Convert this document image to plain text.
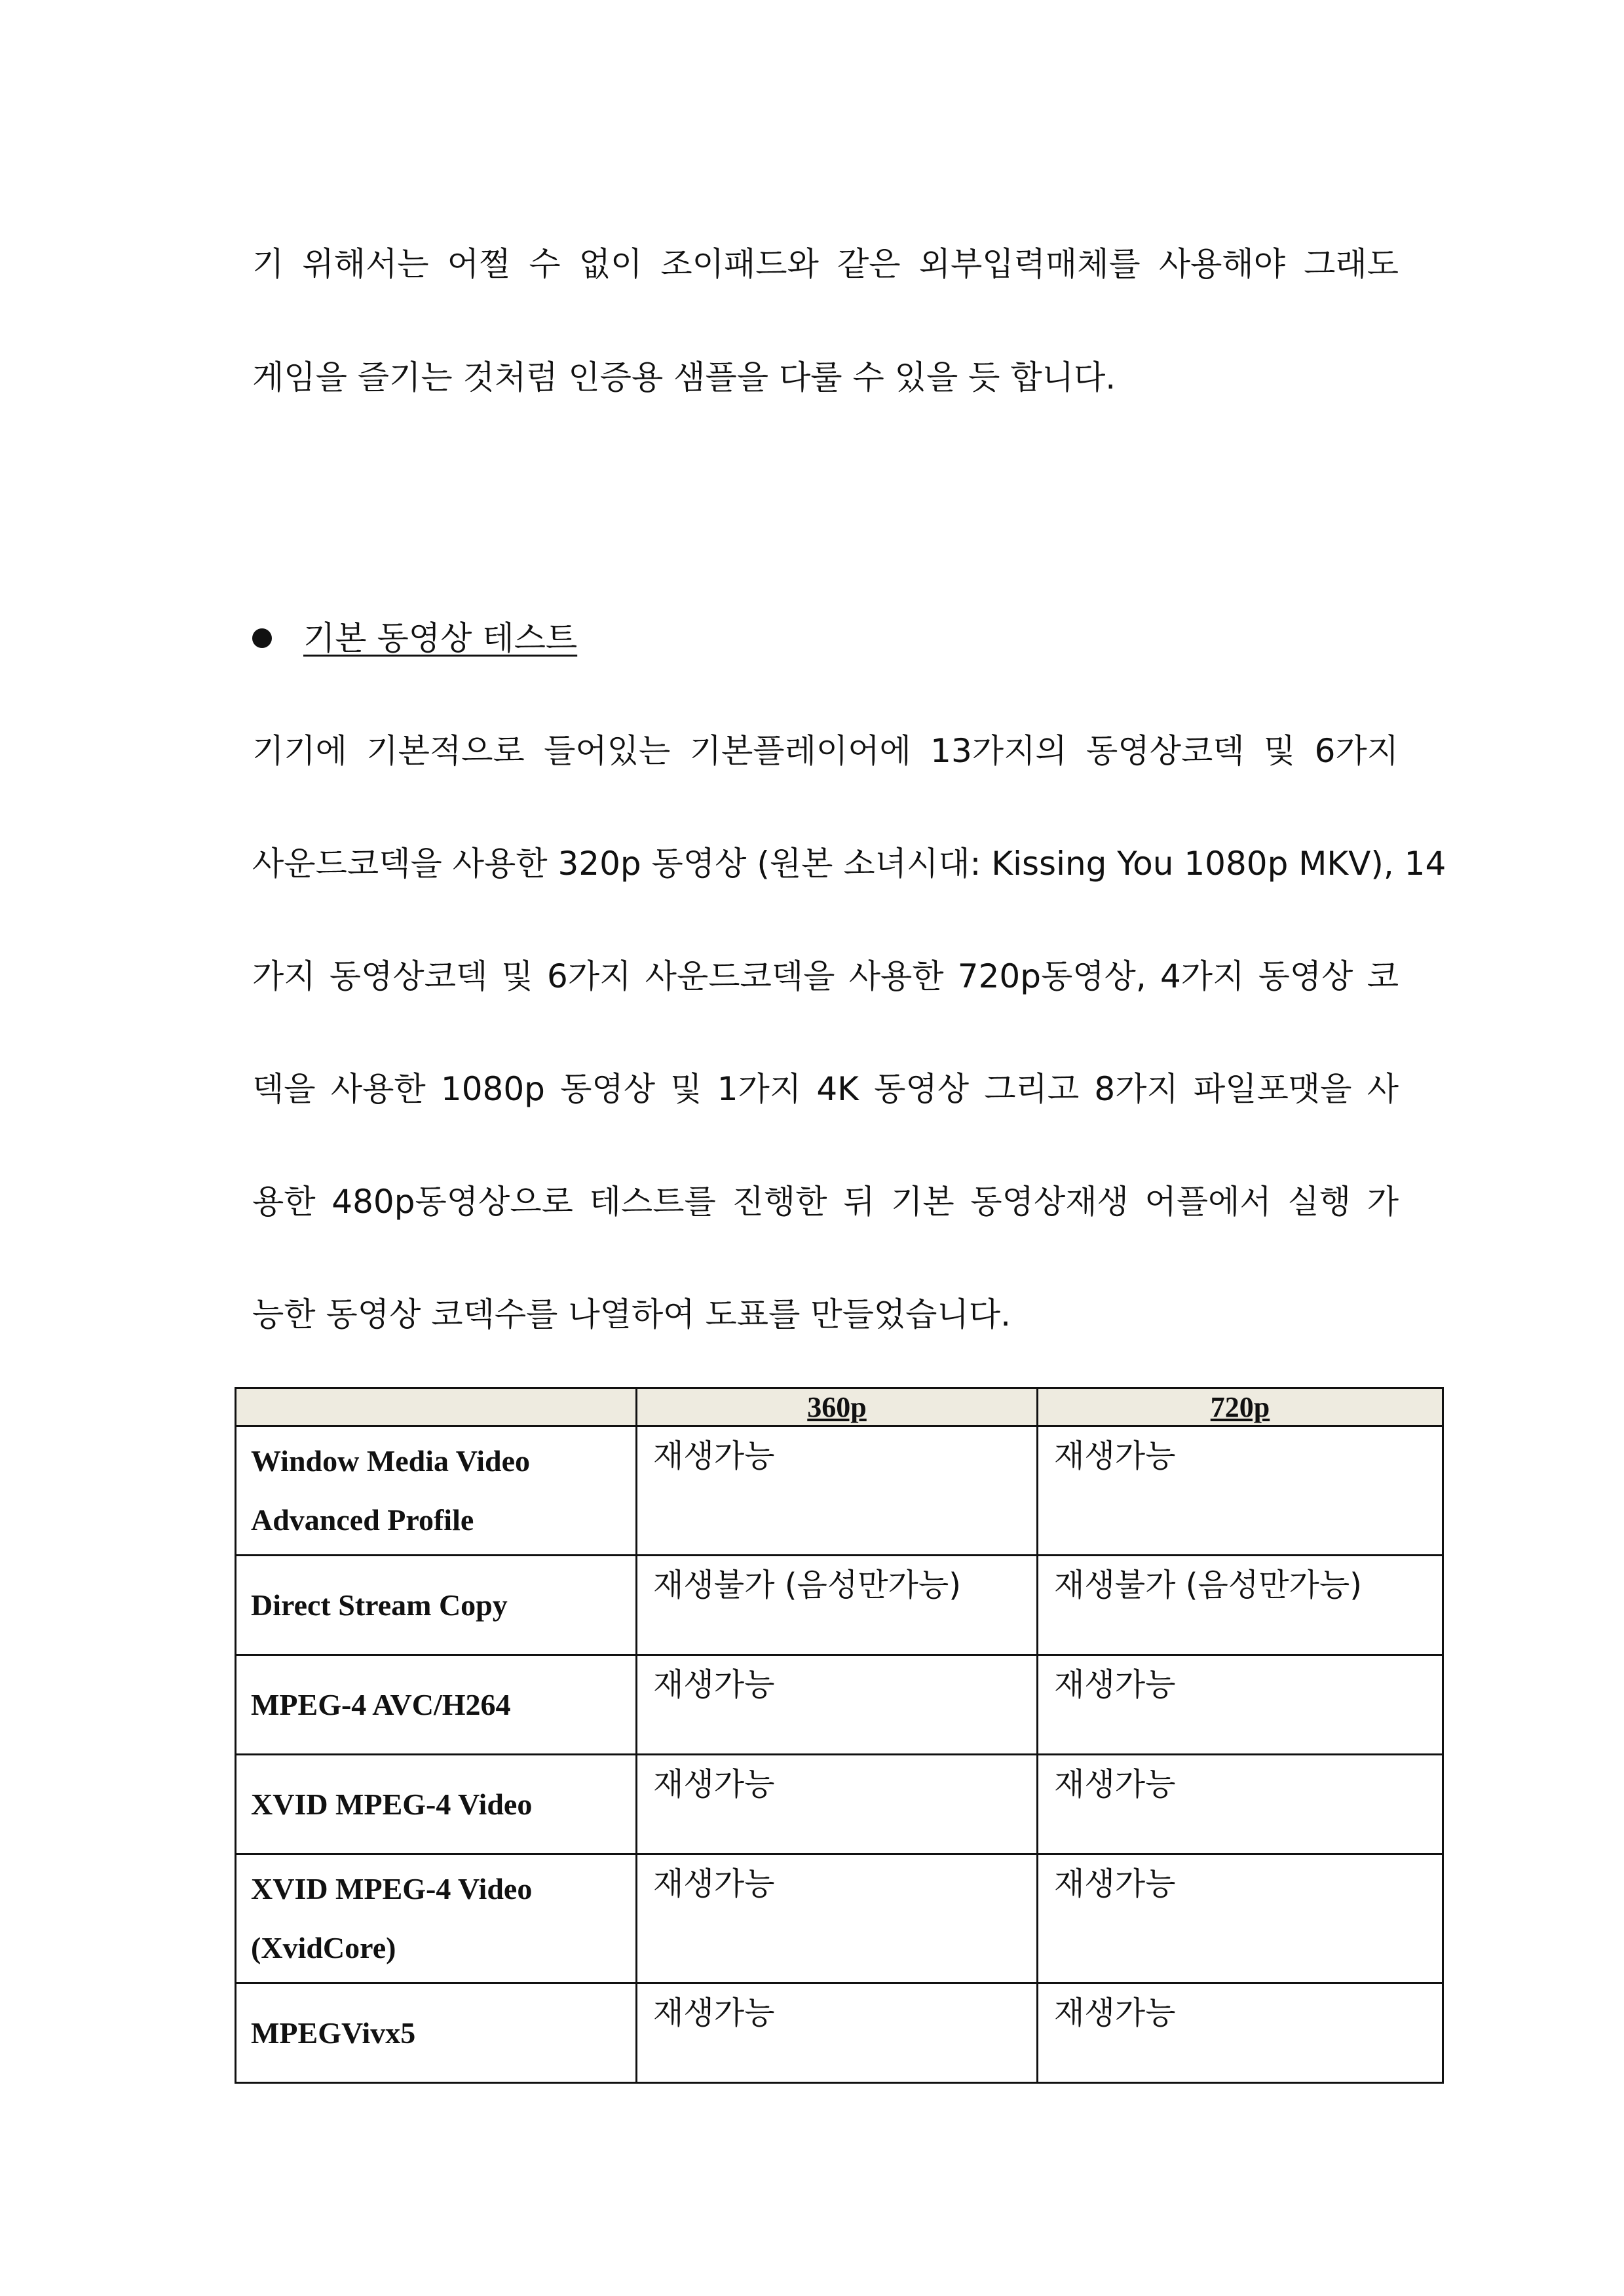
기 위해서는 어쩔 수 없이 조이패드와 같은 외부입력매체를 사용해야 그래도
게임을 즐기는 것처럼 인증용 샘플을 다룰 수 있을 듯 합니다.
기본 동영상 테스트
기기에 기본적으로 들어있는 기본플레이어에 13가지의 동영상코덱 및 6가지
사운드코덱을 사용한 320p 동영상 (원본 소녀시대: Kissing You 1080p MKV), 14
가지 동영상코덱 및 6가지 사운드코덱을 사용한 720p동영상, 4가지 동영상 코
덱을 사용한 1080p 동영상 및 1가지 4K 동영상 그리고 8가지 파일포맷을 사
용한 480p동영상으로 테스트를 진행한 뒤 기본 동영상재생 어플에서 실행 가
능한 동영상 코덱수를 나열하여 도표를 만들었습니다.
	360p	720p

Window Media Video
Advanced Profile	재생가능	재생가능

Direct Stream Copy	재생불가 (음성만가능)	재생불가 (음성만가능)

MPEG-4 AVC/H264	재생가능	재생가능

XVID MPEG-4 Video	재생가능	재생가능

XVID MPEG-4 Video
(XvidCore)	재생가능	재생가능

MPEGVivx5	재생가능	재생가능
